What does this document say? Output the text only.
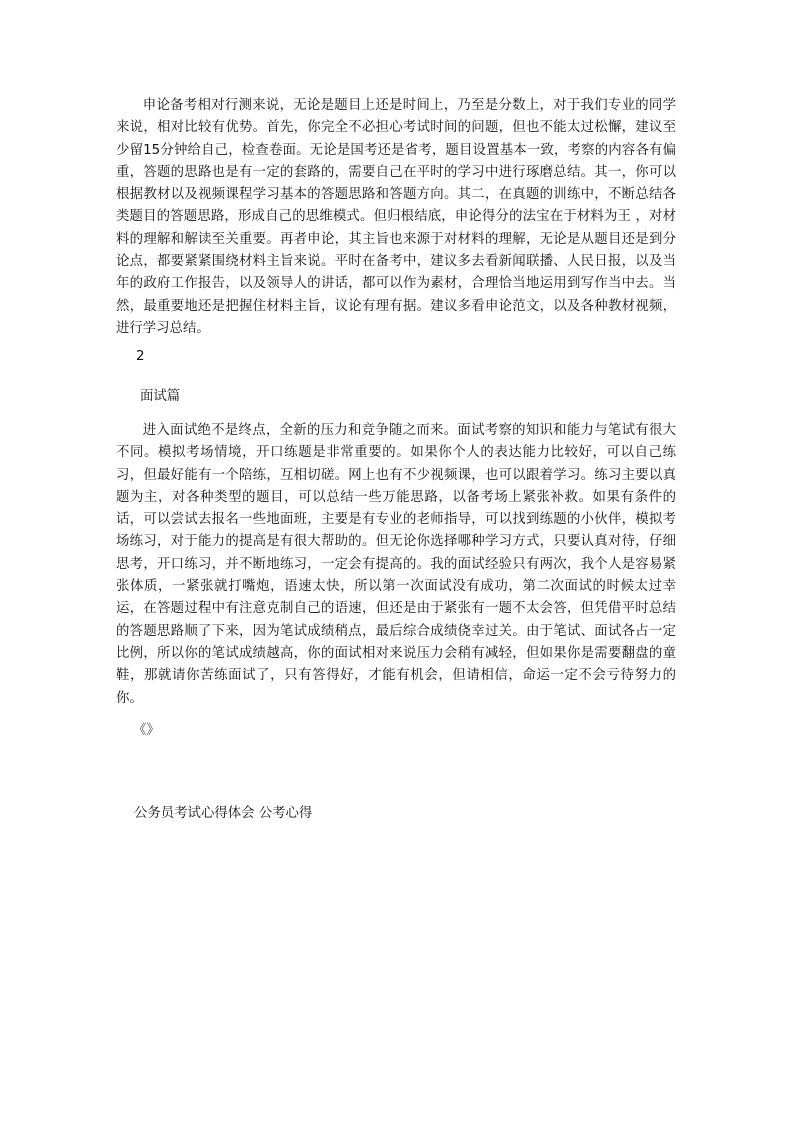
申论备考相对行测来说，无论是题目上还是时间上，乃至是分数上，对于我们专业的同学来说，相对比较有优势。首先，你完全不必担心考试时间的问题，但也不能太过松懈，建议至少留15分钟给自己，检查卷面。无论是国考还是省考，题目设置基本一致，考察的内容各有偏重，答题的思路也是有一定的套路的，需要自己在平时的学习中进行琢磨总结。其一，你可以根据教材以及视频课程学习基本的答题思路和答题方向。其二，在真题的训练中，不断总结各类题目的答题思路，形成自己的思维模式。但归根结底，申论得分的法宝在于材料为王 ，对材料的理解和解读至关重要。再者申论，其主旨也来源于对材料的理解，无论是从题目还是到分论点，都要紧紧围绕材料主旨来说。平时在备考中，建议多去看新闻联播、人民日报，以及当年的政府工作报告，以及领导人的讲话，都可以作为素材，合理恰当地运用到写作当中去。当然，最重要地还是把握住材料主旨，议论有理有据。建议多看申论范文，以及各种教材视频，进行学习总结。

2

面试篇

进入面试绝不是终点，全新的压力和竞争随之而来。面试考察的知识和能力与笔试有很大不同。模拟考场情境，开口练题是非常重要的。如果你个人的表达能力比较好，可以自己练习，但最好能有一个陪练，互相切磋。网上也有不少视频课，也可以跟着学习。练习主要以真题为主，对各种类型的题目，可以总结一些万能思路，以备考场上紧张补救。如果有条件的话，可以尝试去报名一些地面班，主要是有专业的老师指导，可以找到练题的小伙伴，模拟考场练习，对于能力的提高是有很大帮助的。但无论你选择哪种学习方式，只要认真对待，仔细思考，开口练习，并不断地练习，一定会有提高的。我的面试经验只有两次，我个人是容易紧张体质，一紧张就打嘴炮，语速太快，所以第一次面试没有成功，第二次面试的时候太过幸运，在答题过程中有注意克制自己的语速，但还是由于紧张有一题不太会答，但凭借平时总结的答题思路顺了下来，因为笔试成绩稍点，最后综合成绩侥幸过关。由于笔试、面试各占一定比例，所以你的笔试成绩越高，你的面试相对来说压力会稍有减轻，但如果你是需要翻盘的童鞋，那就请你苦练面试了，只有答得好，才能有机会，但请相信，命运一定不会亏待努力的你。

《》

公务员考试心得体会 公考心得
